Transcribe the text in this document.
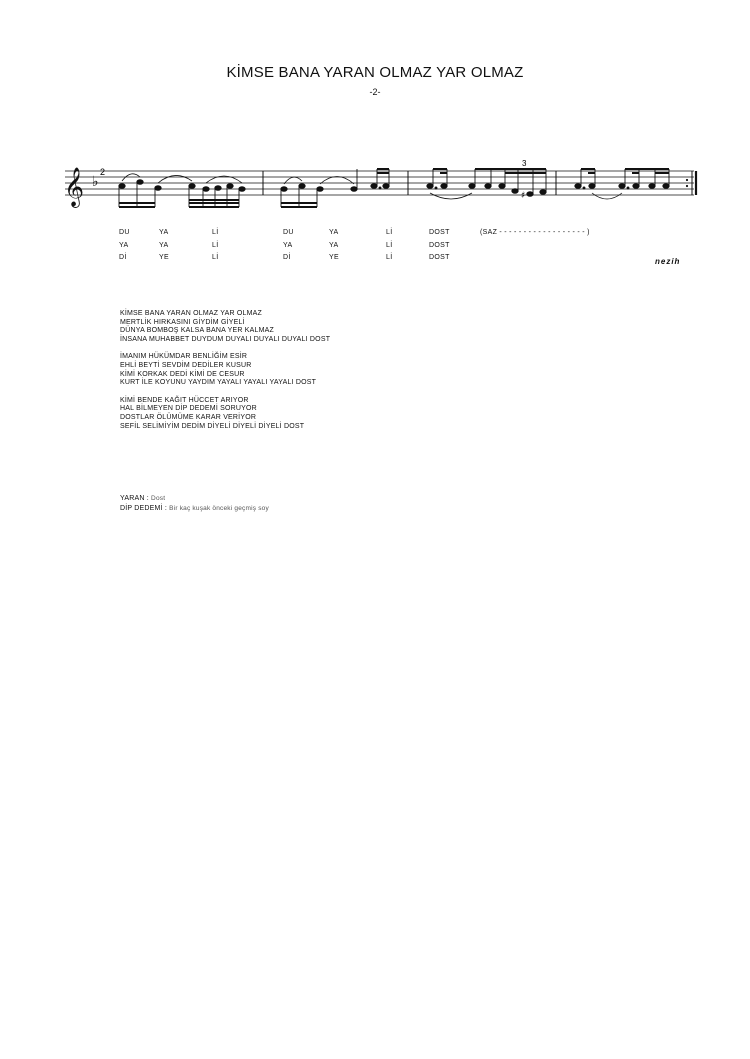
KİMSE BANA YARAN OLMAZ YAR OLMAZ
-2-
𝄞 ♭
2
3
♯
DU	YA	Lİ	DU	YA	Lİ	DOST	(SAZ - - - - - - - - - - - - - - - - - - )
YA	YA	Lİ	YA	YA	Lİ	DOST
Dİ	YE	Lİ	Dİ	YE	Lİ	DOST	nezih
KİMSE BANA YARAN OLMAZ YAR OLMAZ
MERTLİK HIRKASINI GİYDİM GİYELİ
DÜNYA BOMBOŞ KALSA BANA YER KALMAZ
İNSANA MUHABBET DUYDUM DUYALI DUYALI DUYALI DOST
İMANIM HÜKÜMDAR BENLİĞİM ESİR
EHLİ BEYTİ SEVDİM DEDİLER KUSUR
KİMİ KORKAK DEDİ KİMİ DE CESUR
KURT İLE KOYUNU YAYDIM YAYALI YAYALI YAYALI DOST
KİMİ BENDE KAĞIT HÜCCET ARIYOR
HAL BİLMEYEN DİP DEDEMİ SORUYOR
DOSTLAR ÖLÜMÜME KARAR VERİYOR
SEFİL SELİMİYİM DEDİM DİYELİ DİYELİ DİYELİ DOST
YARAN : Dost
DİP DEDEMİ : Bir kaç kuşak önceki geçmiş soy
